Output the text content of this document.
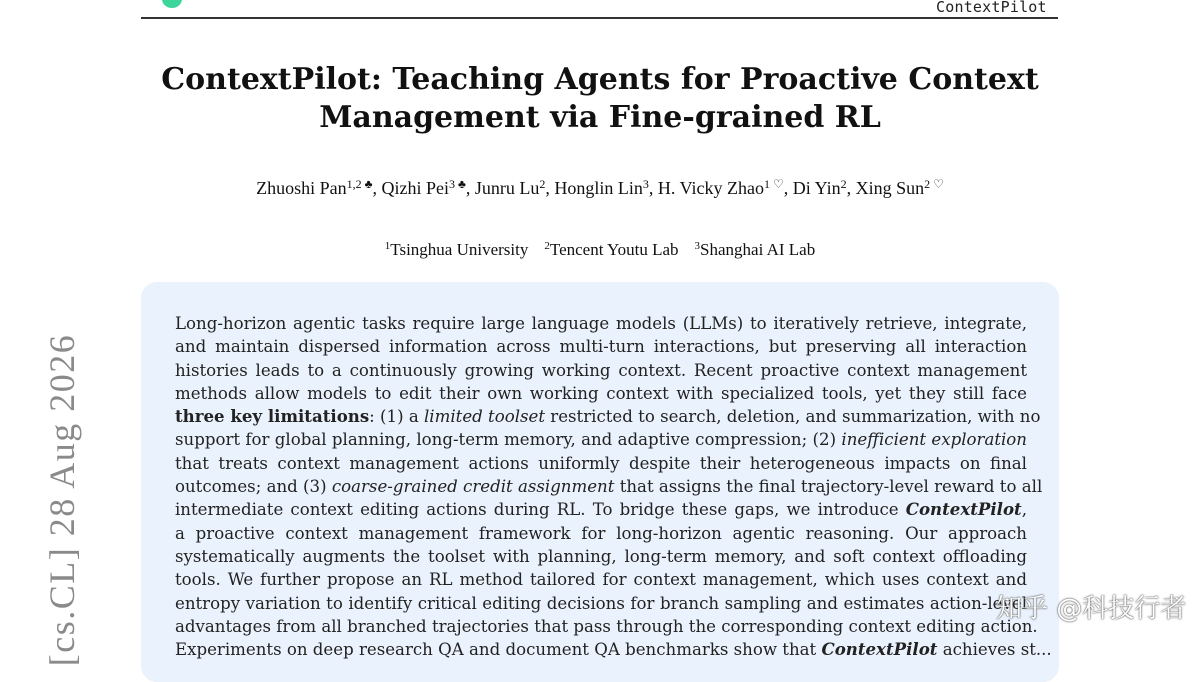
ContextPilot
[cs.CL] 28 Aug 2026
ContextPilot: Teaching Agents for Proactive Context
Management via Fine-grained RL
Zhuoshi Pan$^{1,2 ♣}$, Qizhi Pei$^{3 ♣}$, Junru Lu$^2$, Honglin Lin$^3$, H. Vicky Zhao$^{1 ♡}$, Di Yin$^2$, Xing Sun$^{2 ♡}$
$^1$Tsinghua University $^2$Tencent Youtu Lab $^3$Shanghai AI Lab
Long-horizon agentic tasks require large language models (LLMs) to iteratively retrieve, integrate,
and maintain dispersed information across multi-turn interactions, but preserving all interaction
histories leads to a continuously growing working context. Recent proactive context management
methods allow models to edit their own working context with specialized tools, yet they still face
three key limitations: (1) a limited toolset restricted to search, deletion, and summarization, with no
support for global planning, long-term memory, and adaptive compression; (2) inefficient exploration
that treats context management actions uniformly despite their heterogeneous impacts on final
outcomes; and (3) coarse-grained credit assignment that assigns the final trajectory-level reward to all
intermediate context editing actions during RL. To bridge these gaps, we introduce ContextPilot,
a proactive context management framework for long-horizon agentic reasoning. Our approach
systematically augments the toolset with planning, long-term memory, and soft context offloading
tools. We further propose an RL method tailored for context management, which uses context and
entropy variation to identify critical editing decisions for branch sampling and estimates action-level
advantages from all branched trajectories that pass through the corresponding context editing action.
Experiments on deep research QA and document QA benchmarks show that ContextPilot achieves st...
知乎 @科技行者
